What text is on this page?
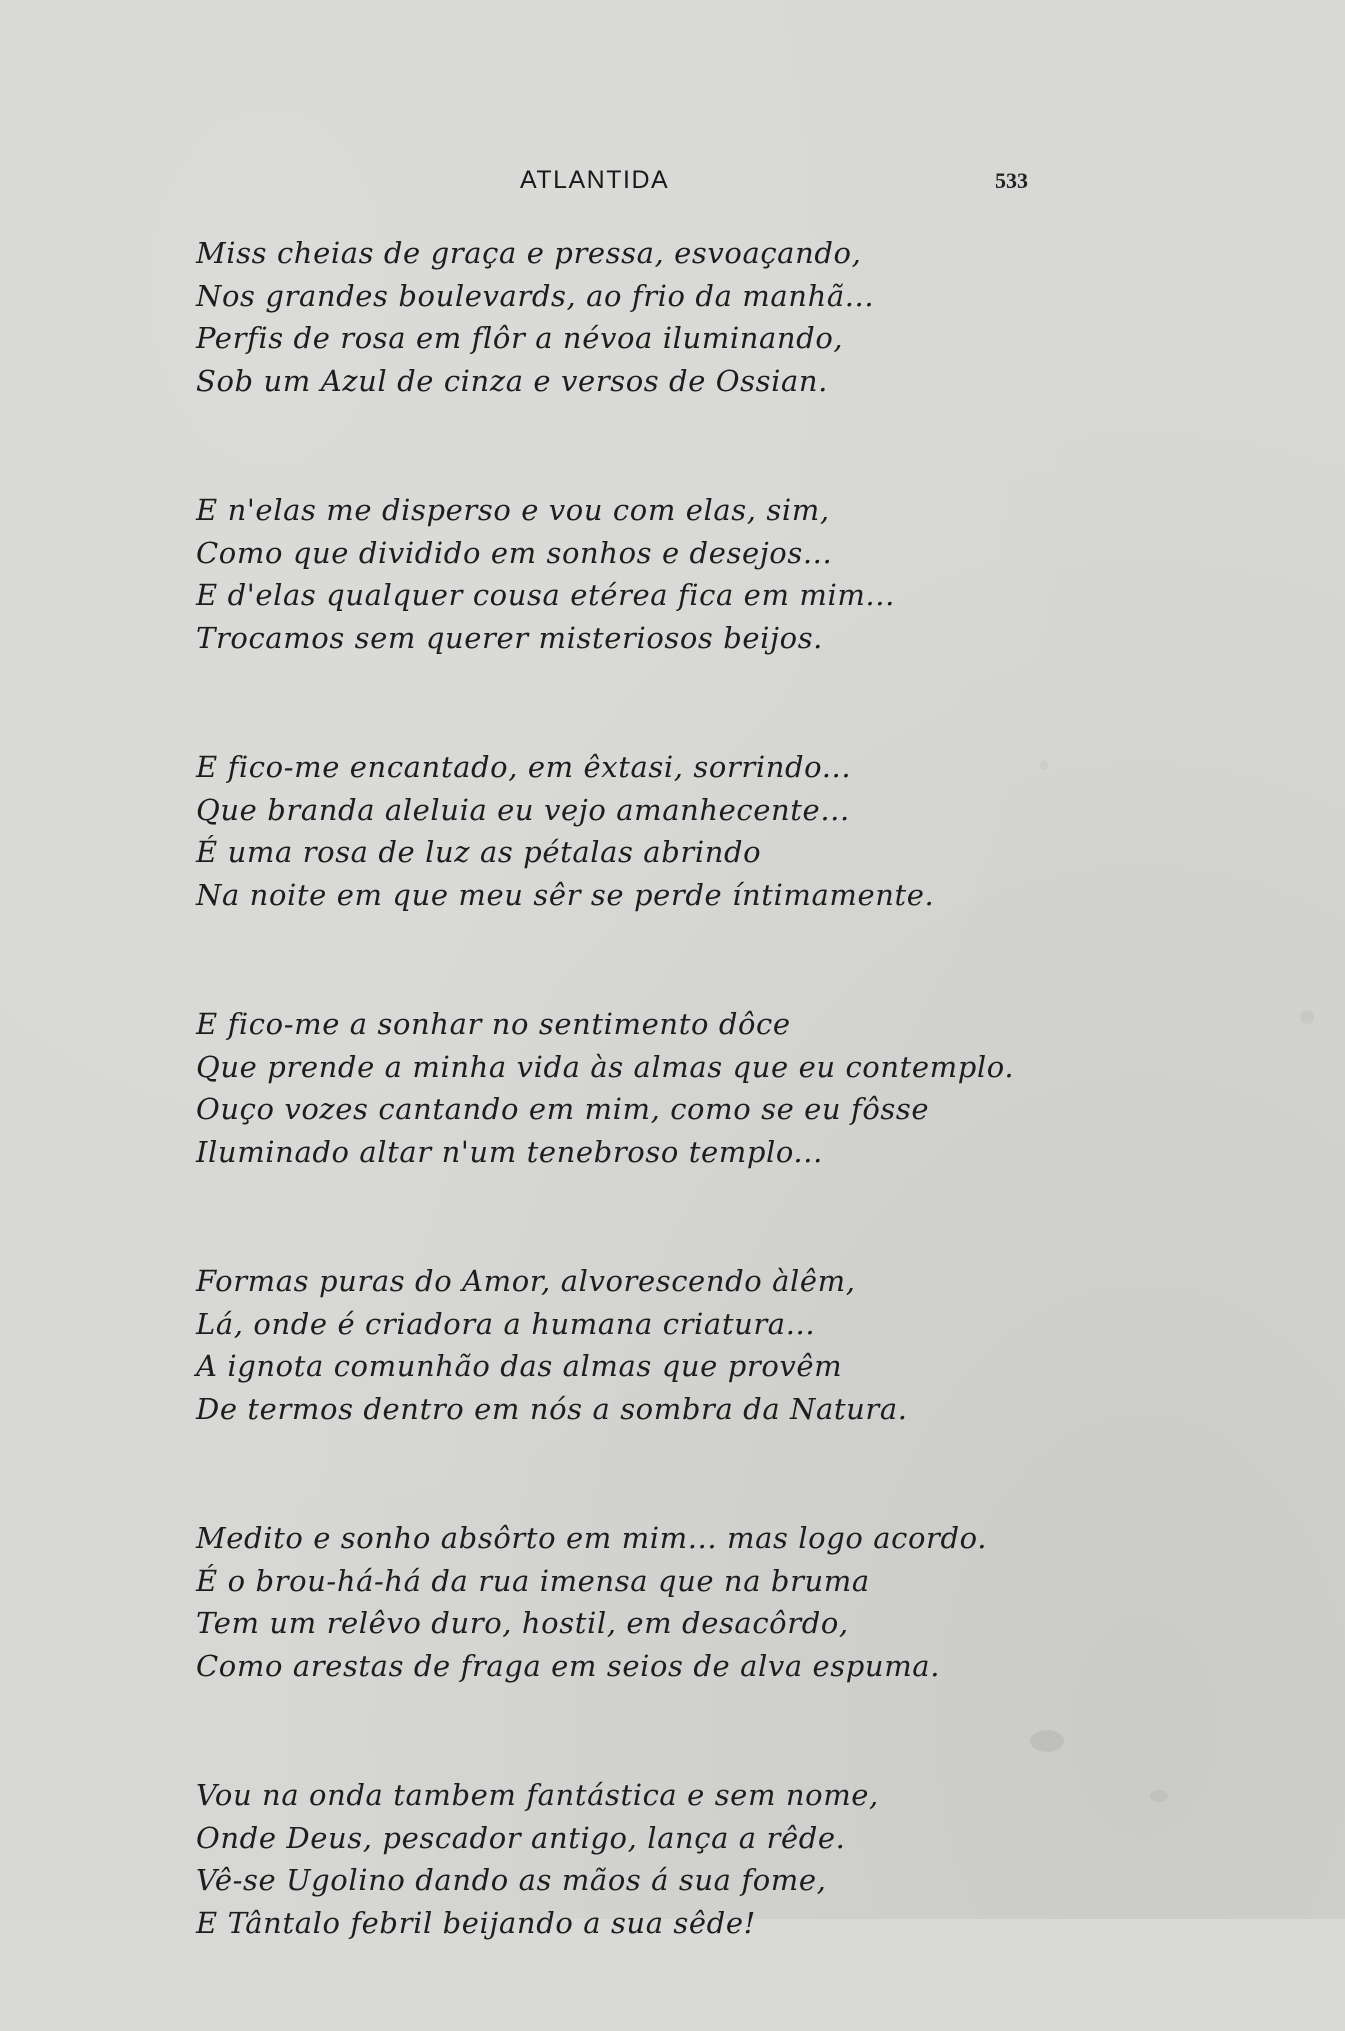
ATLANTIDA	533
Miss cheias de graça e pressa, esvoaçando,
Nos grandes boulevards, ao frio da manhã...
Perfis de rosa em flôr a névoa iluminando,
Sob um Azul de cinza e versos de Ossian.
E n'elas me disperso e vou com elas, sim,
Como que dividido em sonhos e desejos...
E d'elas qualquer cousa etérea fica em mim...
Trocamos sem querer misteriosos beijos.
E fico-me encantado, em êxtasi, sorrindo...
Que branda aleluia eu vejo amanhecente...
É uma rosa de luz as pétalas abrindo
Na noite em que meu sêr se perde íntimamente.
E fico-me a sonhar no sentimento dôce
Que prende a minha vida às almas que eu contemplo.
Ouço vozes cantando em mim, como se eu fôsse
Iluminado altar n'um tenebroso templo...
Formas puras do Amor, alvorescendo àlêm,
Lá, onde é criadora a humana criatura...
A ignota comunhão das almas que provêm
De termos dentro em nós a sombra da Natura.
Medito e sonho absôrto em mim... mas logo acordo.
É o brou-há-há da rua imensa que na bruma
Tem um relêvo duro, hostil, em desacôrdo,
Como arestas de fraga em seios de alva espuma.
Vou na onda tambem fantástica e sem nome,
Onde Deus, pescador antigo, lança a rêde.
Vê-se Ugolino dando as mãos á sua fome,
E Tântalo febril beijando a sua sêde!
